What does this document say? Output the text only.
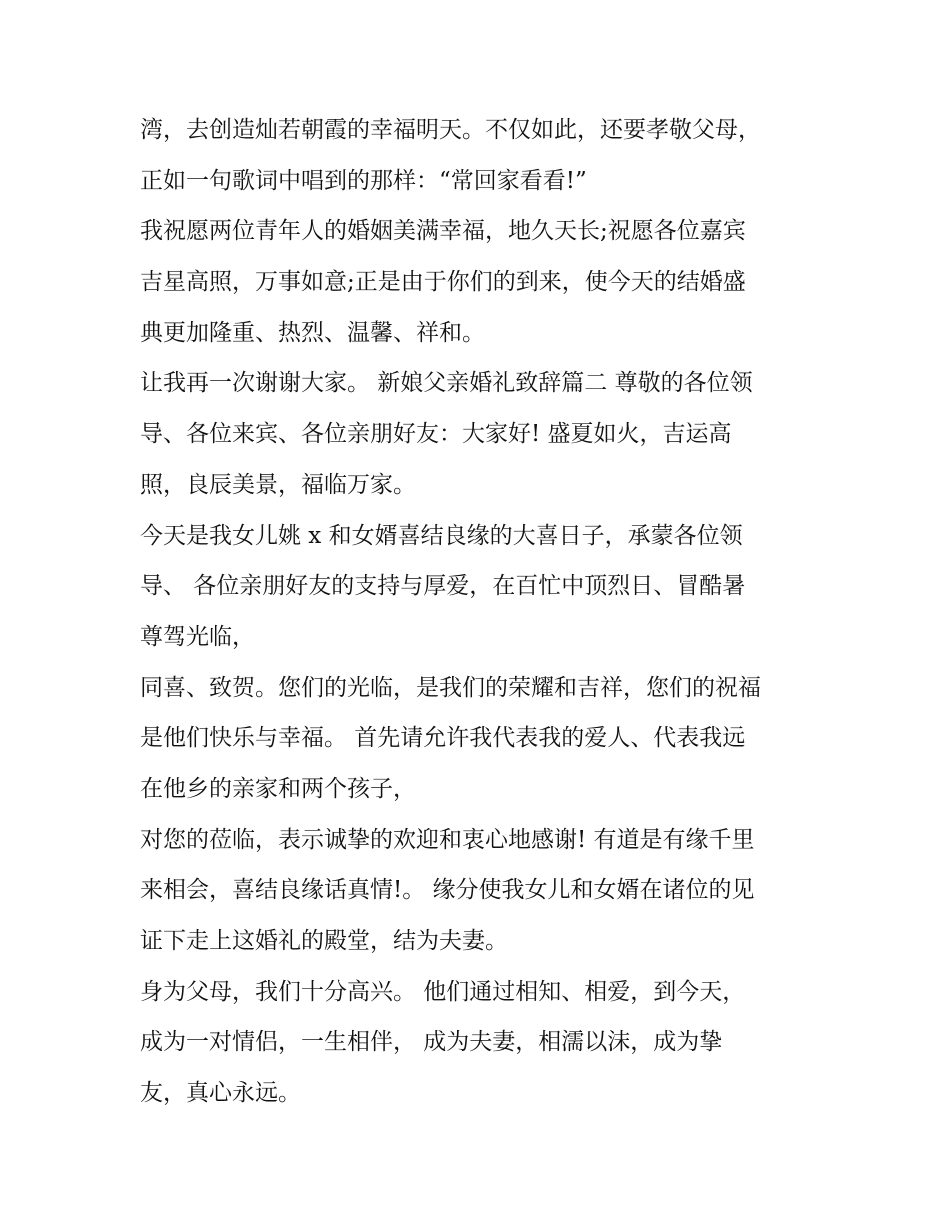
湾，去创造灿若朝霞的幸福明天。不仅如此，还要孝敬父母，
正如一句歌词中唱到的那样：“常回家看看!”
我祝愿两位青年人的婚姻美满幸福，地久天长;祝愿各位嘉宾
吉星高照，万事如意;正是由于你们的到来，使今天的结婚盛
典更加隆重、热烈、温馨、祥和。
让我再一次谢谢大家。 新娘父亲婚礼致辞篇二 尊敬的各位领
导、各位来宾、各位亲朋好友：大家好! 盛夏如火，吉运高
照，良辰美景，福临万家。
今天是我女儿姚 x 和女婿喜结良缘的大喜日子，承蒙各位领
导、 各位亲朋好友的支持与厚爱，在百忙中顶烈日、冒酷暑
尊驾光临，
同喜、致贺。您们的光临，是我们的荣耀和吉祥，您们的祝福
是他们快乐与幸福。 首先请允许我代表我的爱人、代表我远
在他乡的亲家和两个孩子，
对您的莅临，表示诚挚的欢迎和衷心地感谢! 有道是有缘千里
来相会，喜结良缘话真情!。 缘分使我女儿和女婿在诸位的见
证下走上这婚礼的殿堂，结为夫妻。
身为父母，我们十分高兴。 他们通过相知、相爱，到今天，
成为一对情侣，一生相伴， 成为夫妻，相濡以沫，成为挚
友，真心永远。
